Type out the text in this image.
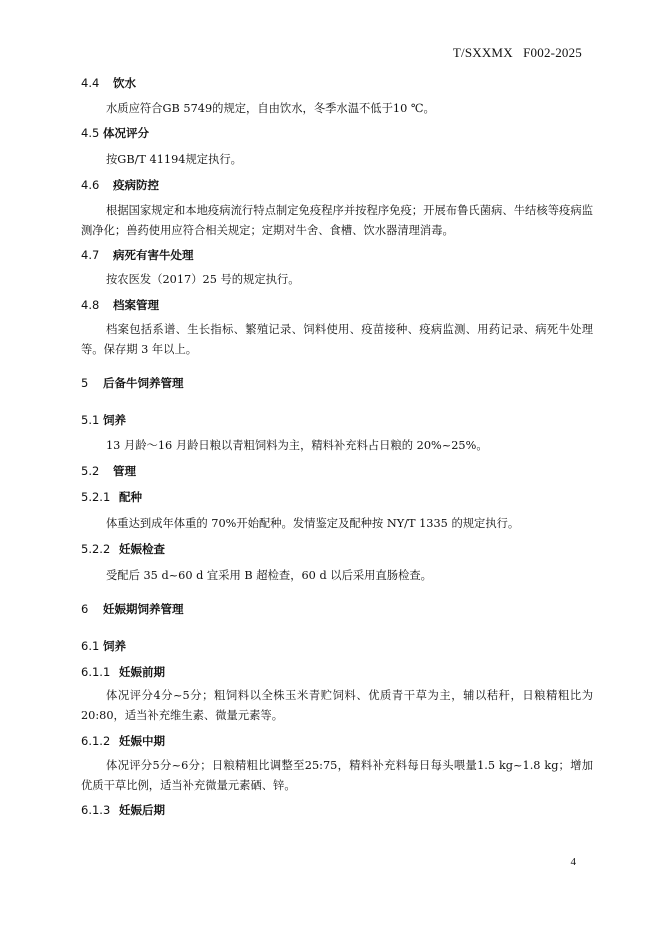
T/SXXMX   F002-2025
4.4 饮水
水质应符合GB 5749的规定，自由饮水，冬季水温不低于10 ℃。
4.5 体况评分
按GB/T 41194规定执行。
4.6 疫病防控
根据国家规定和本地疫病流行特点制定免疫程序并按程序免疫；开展布鲁氏菌病、牛结核等疫病监测净化；兽药使用应符合相关规定；定期对牛舍、食槽、饮水器清理消毒。
4.7 病死有害牛处理
按农医发（2017）25 号的规定执行。
4.8 档案管理
档案包括系谱、生长指标、繁殖记录、饲料使用、疫苗接种、疫病监测、用药记录、病死牛处理等。保存期 3 年以上。
5 后备牛饲养管理
5.1 饲养
13 月龄～16 月龄日粮以青粗饲料为主，精料补充料占日粮的 20%~25%。
5.2 管理
5.2.1 配种
体重达到成年体重的 70%开始配种。发情鉴定及配种按 NY/T 1335 的规定执行。
5.2.2 妊娠检查
受配后 35 d~60 d 宜采用 B 超检查，60 d 以后采用直肠检查。
6 妊娠期饲养管理
6.1 饲养
6.1.1 妊娠前期
体况评分4分~5分；粗饲料以全株玉米青贮饲料、优质青干草为主，辅以秸秆，日粮精粗比为20:80，适当补充维生素、微量元素等。
6.1.2 妊娠中期
体况评分5分~6分；日粮精粗比调整至25:75，精料补充料每日每头喂量1.5 kg~1.8 kg；增加优质干草比例，适当补充微量元素硒、锌。
6.1.3 妊娠后期
4
